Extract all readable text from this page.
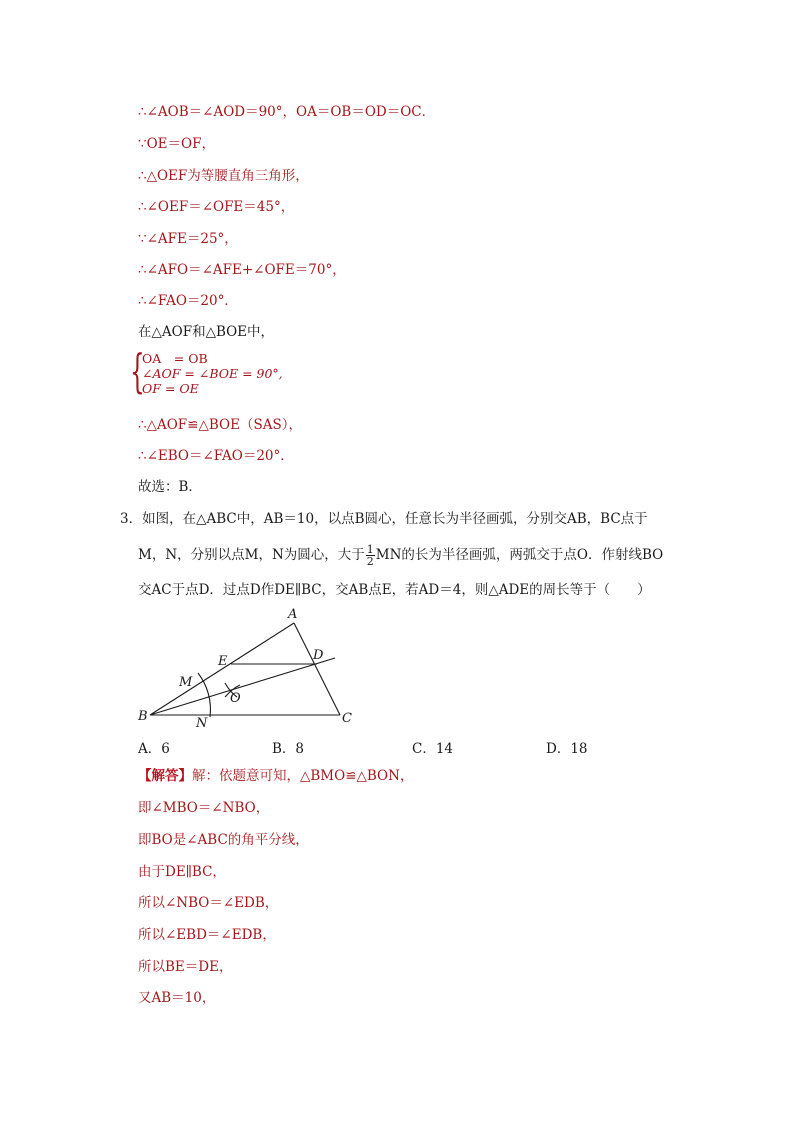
∴∠AOB＝∠AOD＝90°，OA＝OB＝OD＝OC．
∵OE＝OF，
∴△OEF为等腰直角三角形，
∴∠OEF＝∠OFE＝45°，
∵∠AFE＝25°，
∴∠AFO＝∠AFE+∠OFE＝70°，
∴∠FAO＝20°．
在△AOF和△BOE中，
{
OA　= OB
∠AOF = ∠BOE = 90°,
OF = OE
∴△AOF≌△BOE（SAS），
∴∠EBO＝∠FAO＝20°．
故选：B．
3．如图，在△ABC中，AB＝10，以点B圆心，任意长为半径画弧，分别交AB，BC点于
M，N，分别以点M，N为圆心，大于 $\frac{1}{2}$ MN的长为半径画弧，两弧交于点O．作射线BO
交AC于点D．过点D作DE∥BC，交AB点E，若AD＝4，则△ADE的周长等于（　　）
A
B	C
D
E
M
N
O
A．6	B．8	C．14	D．18
【解答】解：依题意可知，△BMO≌△BON，
即∠MBO＝∠NBO，
即BO是∠ABC的角平分线，
由于DE∥BC，
所以∠NBO＝∠EDB，
所以∠EBD＝∠EDB，
所以BE＝DE，
又AB＝10，
